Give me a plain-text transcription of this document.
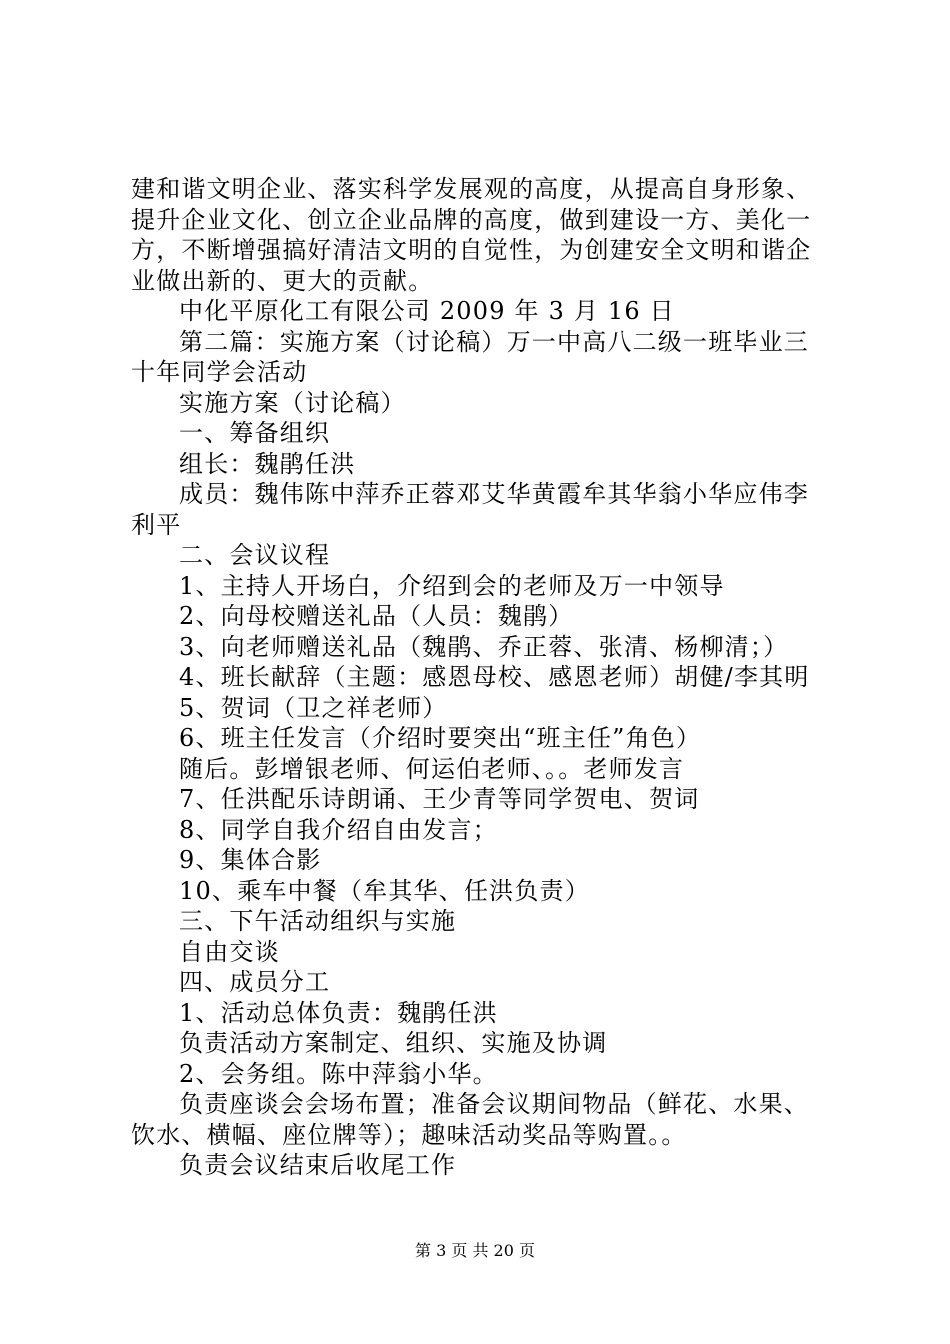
建和谐文明企业、落实科学发展观的高度，从提高自身形象、
提升企业文化、创立企业品牌的高度，做到建设一方、美化一
方，不断增强搞好清洁文明的自觉性，为创建安全文明和谐企
业做出新的、更大的贡献。
中化平原化工有限公司 2009 年 3 月 16 日
第二篇：实施方案（讨论稿）万一中高八二级一班毕业三
十年同学会活动
实施方案（讨论稿）
一、筹备组织
组长：魏鹃任洪
成员：魏伟陈中萍乔正蓉邓艾华黄霞牟其华翁小华应伟李
利平
二、会议议程
1、主持人开场白，介绍到会的老师及万一中领导
2、向母校赠送礼品（人员：魏鹃）
3、向老师赠送礼品（魏鹃、乔正蓉、张清、杨柳清；）
4、班长献辞（主题：感恩母校、感恩老师）胡健/李其明
5、贺词（卫之祥老师）
6、班主任发言（介绍时要突出“班主任”角色）
随后。彭增银老师、何运伯老师、。。老师发言
7、任洪配乐诗朗诵、王少青等同学贺电、贺词
8、同学自我介绍自由发言；
9、集体合影
10、乘车中餐（牟其华、任洪负责）
三、下午活动组织与实施
自由交谈
四、成员分工
1、活动总体负责：魏鹃任洪
负责活动方案制定、组织、实施及协调
2、会务组。陈中萍翁小华。
负责座谈会会场布置；准备会议期间物品（鲜花、水果、
饮水、横幅、座位牌等）；趣味活动奖品等购置。。
负责会议结束后收尾工作
第 3 页 共 20 页
